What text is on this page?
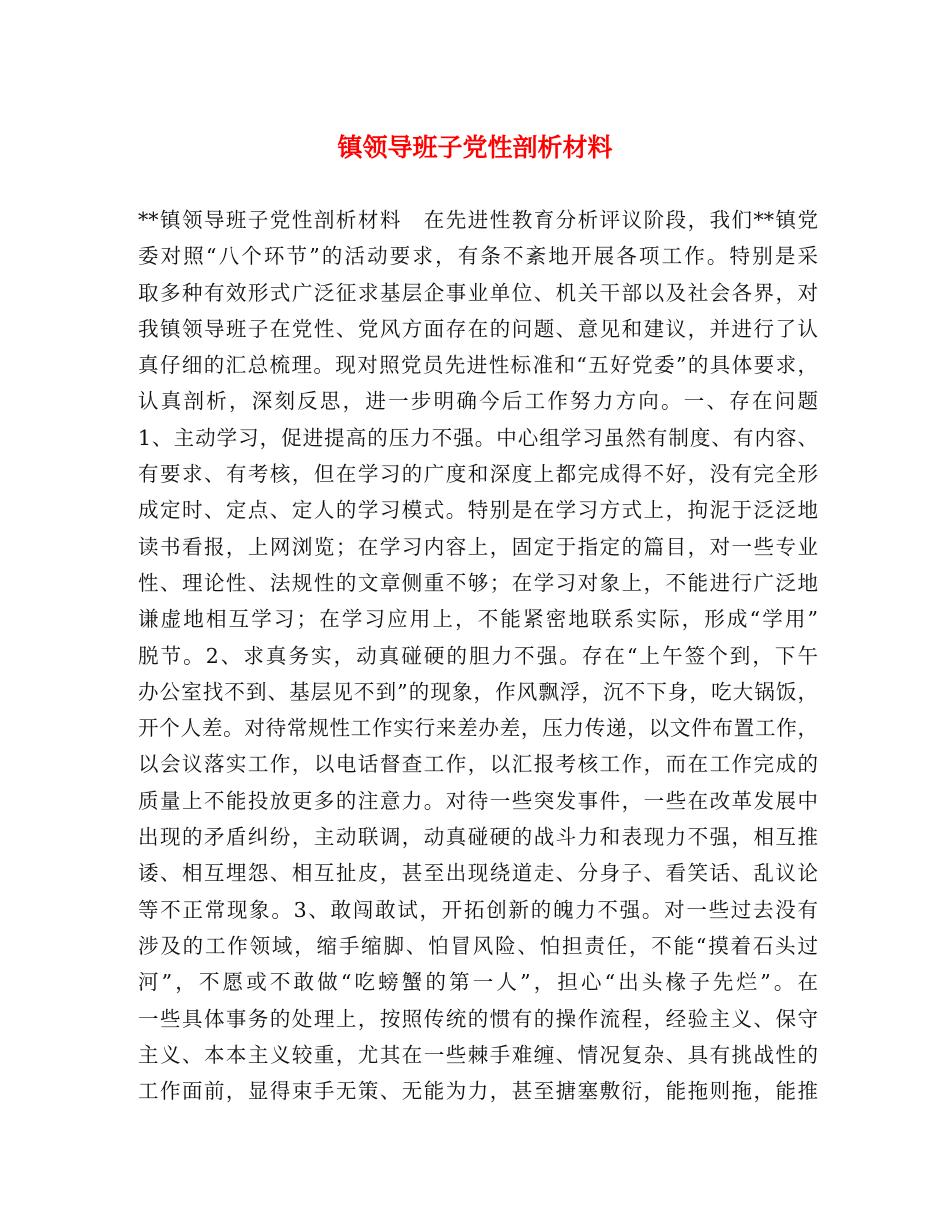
镇领导班子党性剖析材料
**镇领导班子党性剖析材料　在先进性教育分析评议阶段，我们**镇党
委对照“八个环节”的活动要求，有条不紊地开展各项工作。特别是采
取多种有效形式广泛征求基层企事业单位、机关干部以及社会各界，对
我镇领导班子在党性、党风方面存在的问题、意见和建议，并进行了认
真仔细的汇总梳理。现对照党员先进性标准和“五好党委”的具体要求，
认真剖析，深刻反思，进一步明确今后工作努力方向。一、存在问题
1、主动学习，促进提高的压力不强。中心组学习虽然有制度、有内容、
有要求、有考核，但在学习的广度和深度上都完成得不好，没有完全形
成定时、定点、定人的学习模式。特别是在学习方式上，拘泥于泛泛地
读书看报，上网浏览；在学习内容上，固定于指定的篇目，对一些专业
性、理论性、法规性的文章侧重不够；在学习对象上，不能进行广泛地
谦虚地相互学习；在学习应用上，不能紧密地联系实际，形成“学用”
脱节。2、求真务实，动真碰硬的胆力不强。存在“上午签个到，下午
办公室找不到、基层见不到”的现象，作风飘浮，沉不下身，吃大锅饭，
开个人差。对待常规性工作实行来差办差，压力传递，以文件布置工作，
以会议落实工作，以电话督查工作，以汇报考核工作，而在工作完成的
质量上不能投放更多的注意力。对待一些突发事件，一些在改革发展中
出现的矛盾纠纷，主动联调，动真碰硬的战斗力和表现力不强，相互推
诿、相互埋怨、相互扯皮，甚至出现绕道走、分身子、看笑话、乱议论
等不正常现象。3、敢闯敢试，开拓创新的魄力不强。对一些过去没有
涉及的工作领域，缩手缩脚、怕冒风险、怕担责任，不能“摸着石头过
河”，不愿或不敢做“吃螃蟹的第一人”，担心“出头椽子先烂”。在
一些具体事务的处理上，按照传统的惯有的操作流程，经验主义、保守
主义、本本主义较重，尤其在一些棘手难缠、情况复杂、具有挑战性的
工作面前，显得束手无策、无能为力，甚至搪塞敷衍，能拖则拖，能推
